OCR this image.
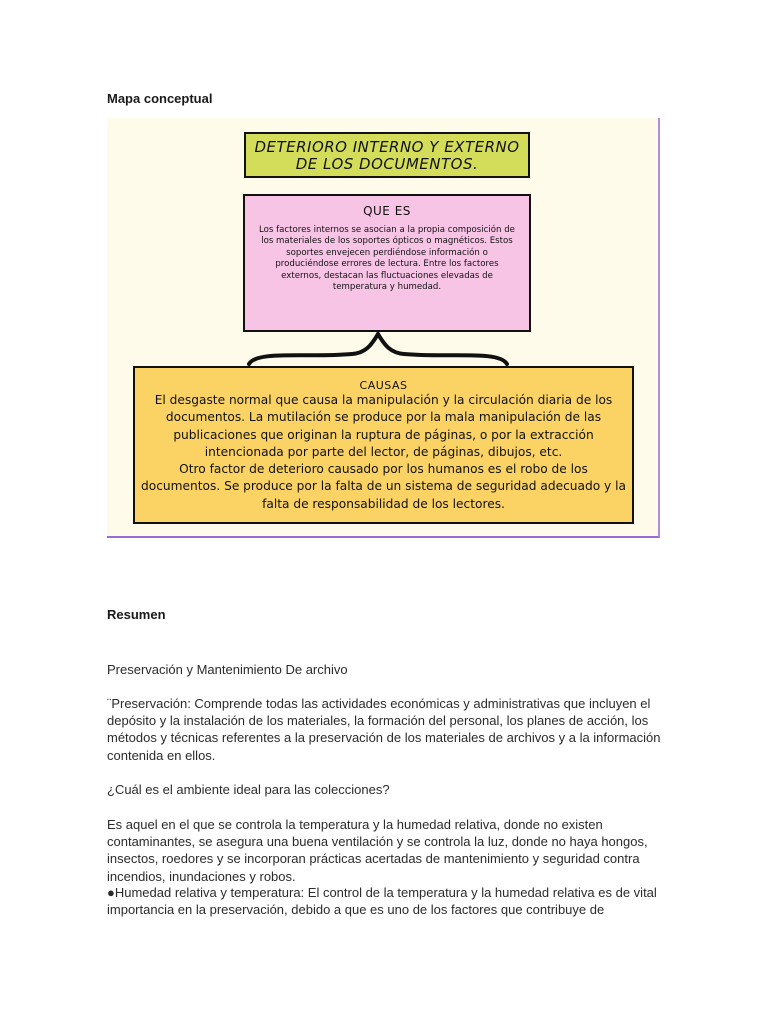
Mapa conceptual
DETERIORO INTERNO Y EXTERNO DE LOS DOCUMENTOS.
QUE ES
Los factores internos se asocian a la propia composición de los materiales de los soportes ópticos o magnéticos. Estos soportes envejecen perdiéndose información o produciéndose errores de lectura. Entre los factores externos, destacan las fluctuaciones elevadas de temperatura y humedad.
CAUSAS
El desgaste normal que causa la manipulación y la circulación diaria de los documentos. La mutilación se produce por la mala manipulación de las publicaciones que originan la ruptura de páginas, o por la extracción intencionada por parte del lector, de páginas, dibujos, etc.
Otro factor de deterioro causado por los humanos es el robo de los documentos. Se produce por la falta de un sistema de seguridad adecuado y la falta de responsabilidad de los lectores.
Resumen

Preservación y Mantenimiento De archivo

¨Preservación: Comprende todas las actividades económicas y administrativas que incluyen el depósito y la instalación de los materiales, la formación del personal, los planes de acción, los métodos y técnicas referentes a la preservación de los materiales de archivos y a la información contenida en ellos.

¿Cuál es el ambiente ideal para las colecciones?

Es aquel en el que se controla la temperatura y la humedad relativa, donde no existen contaminantes, se asegura una buena ventilación y se controla la luz, donde no haya hongos, insectos, roedores y se incorporan prácticas acertadas de mantenimiento y seguridad contra incendios, inundaciones y robos.

●Humedad relativa y temperatura: El control de la temperatura y la humedad relativa es de vital importancia en la preservación, debido a que es uno de los factores que contribuye de
